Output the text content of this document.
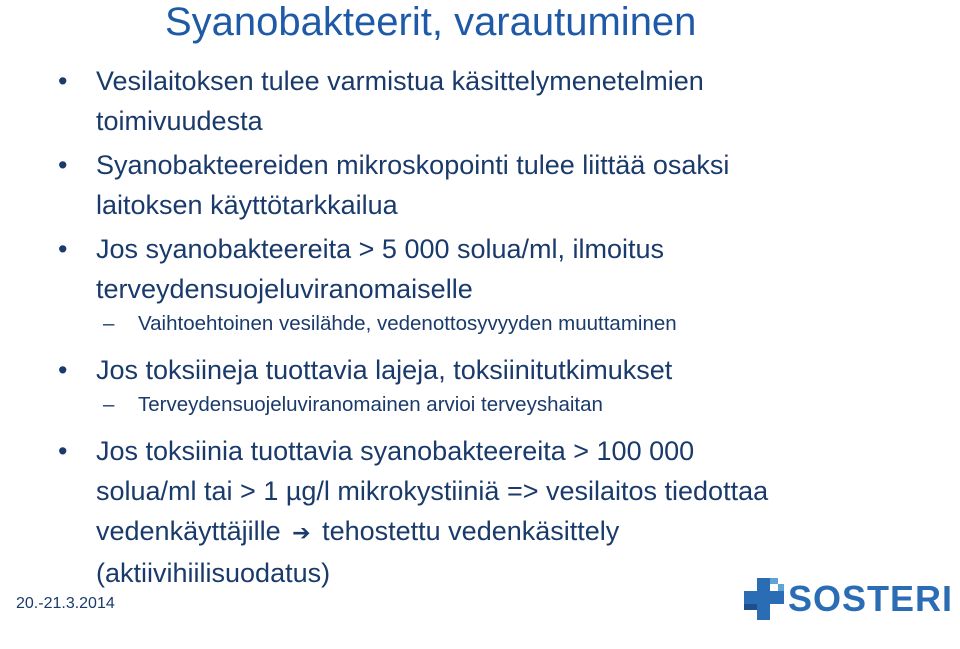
Syanobakteerit, varautuminen
• Vesilaitoksen tulee varmistua käsittelymenetelmien
toimivuudesta
• Syanobakteereiden mikroskopointi tulee liittää osaksi
laitoksen käyttötarkkailua
• Jos syanobakteereita > 5 000 solua/ml, ilmoitus
terveydensuojeluviranomaiselle
– Vaihtoehtoinen vesilähde, vedenottosyvyyden muuttaminen
• Jos toksiineja tuottavia lajeja, toksiinitutkimukset
– Terveydensuojeluviranomainen arvioi terveyshaitan
• Jos toksiinia tuottavia syanobakteereita > 100 000
solua/ml tai > 1 µg/l mikrokystiiniä => vesilaitos tiedottaa
vedenkäyttäjille ➔ tehostettu vedenkäsittely
(aktiivihiilisuodatus)
20.-21.3.2014	SOSTERI
